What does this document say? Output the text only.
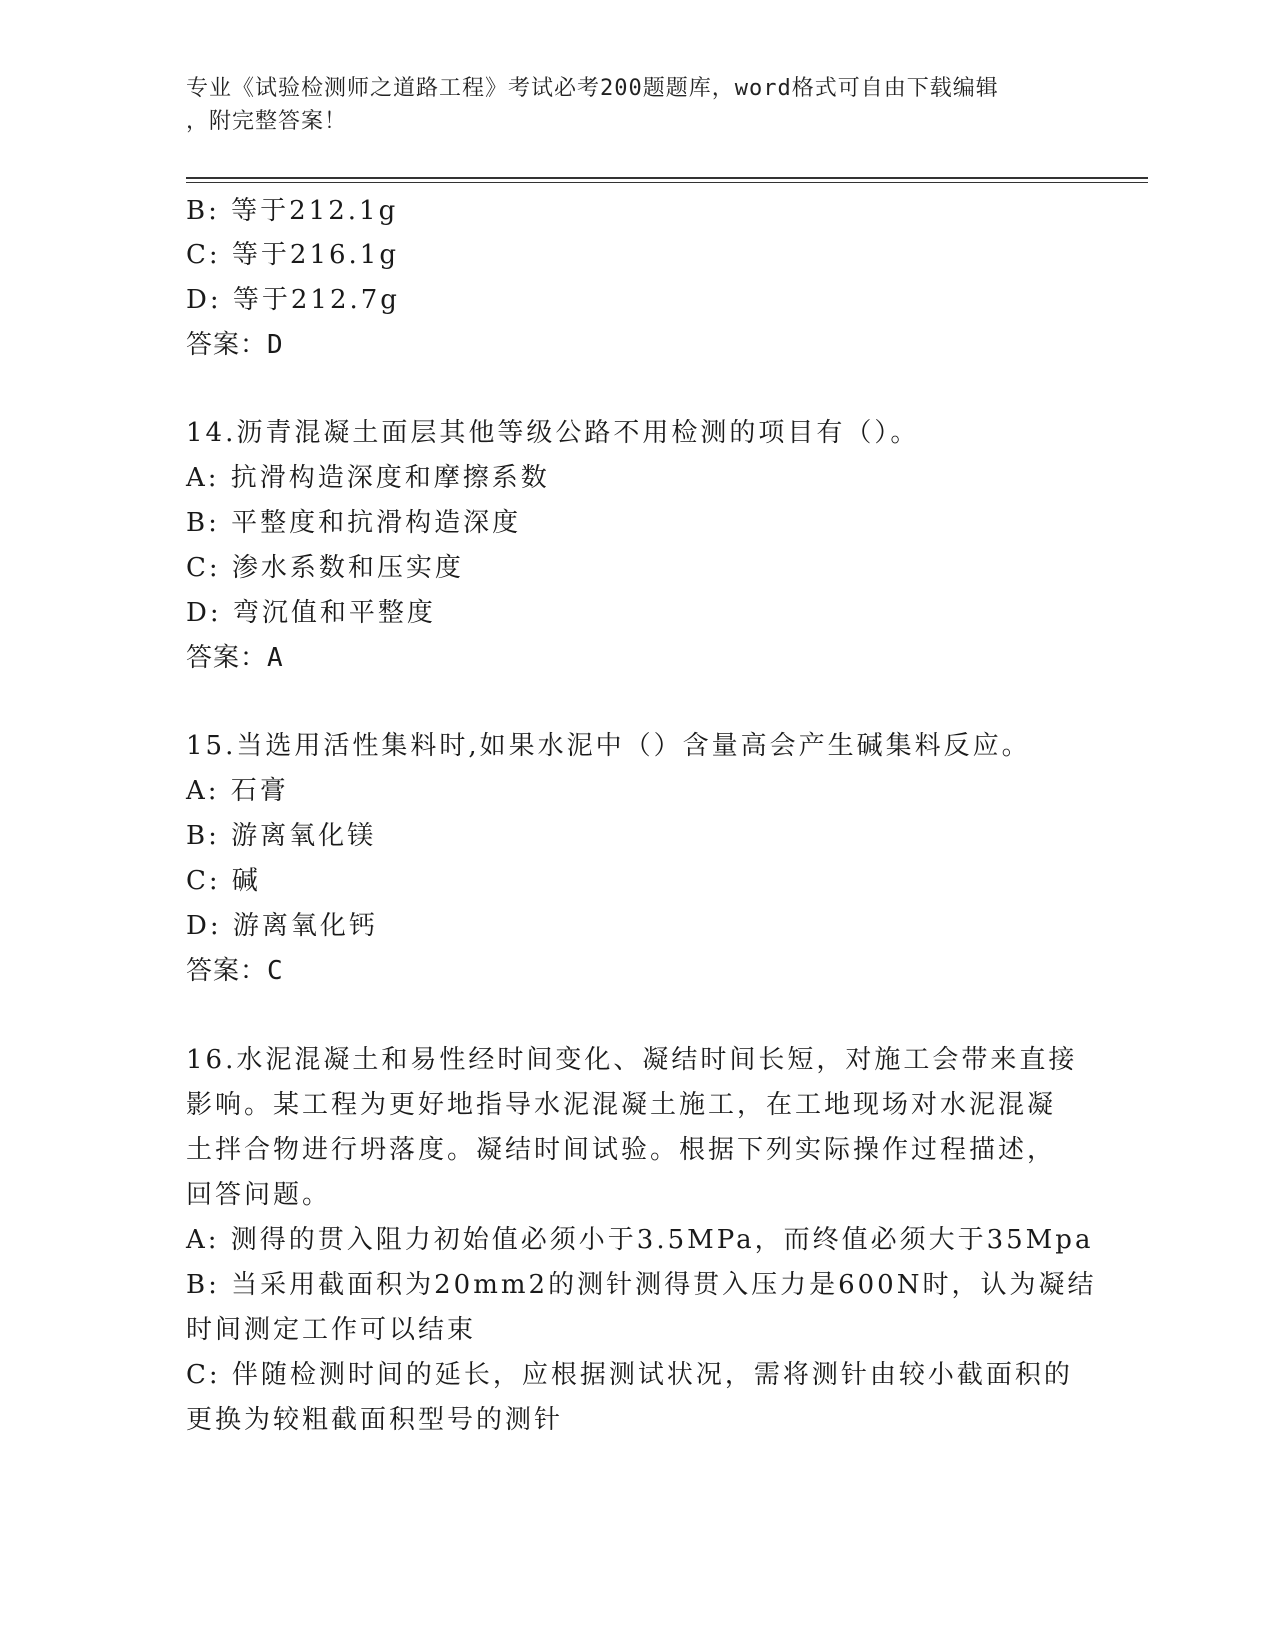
专业《试验检测师之道路工程》考试必考200题题库，word格式可自由下载编辑
，附完整答案！
B: 等于212.1g
C: 等于216.1g
D: 等于212.7g
答案：D
14.沥青混凝土面层其他等级公路不用检测的项目有（）。
A: 抗滑构造深度和摩擦系数
B: 平整度和抗滑构造深度
C: 渗水系数和压实度
D: 弯沉值和平整度
答案：A
15.当选用活性集料时,如果水泥中（）含量高会产生碱集料反应。
A: 石膏
B: 游离氧化镁
C: 碱
D: 游离氧化钙
答案：C
16.水泥混凝土和易性经时间变化、凝结时间长短，对施工会带来直接
影响。某工程为更好地指导水泥混凝土施工，在工地现场对水泥混凝
土拌合物进行坍落度。凝结时间试验。根据下列实际操作过程描述，
回答问题。
A: 测得的贯入阻力初始值必须小于3.5MPa，而终值必须大于35Mpa
B: 当采用截面积为20mm2的测针测得贯入压力是600N时，认为凝结
时间测定工作可以结束
C: 伴随检测时间的延长，应根据测试状况，需将测针由较小截面积的
更换为较粗截面积型号的测针
